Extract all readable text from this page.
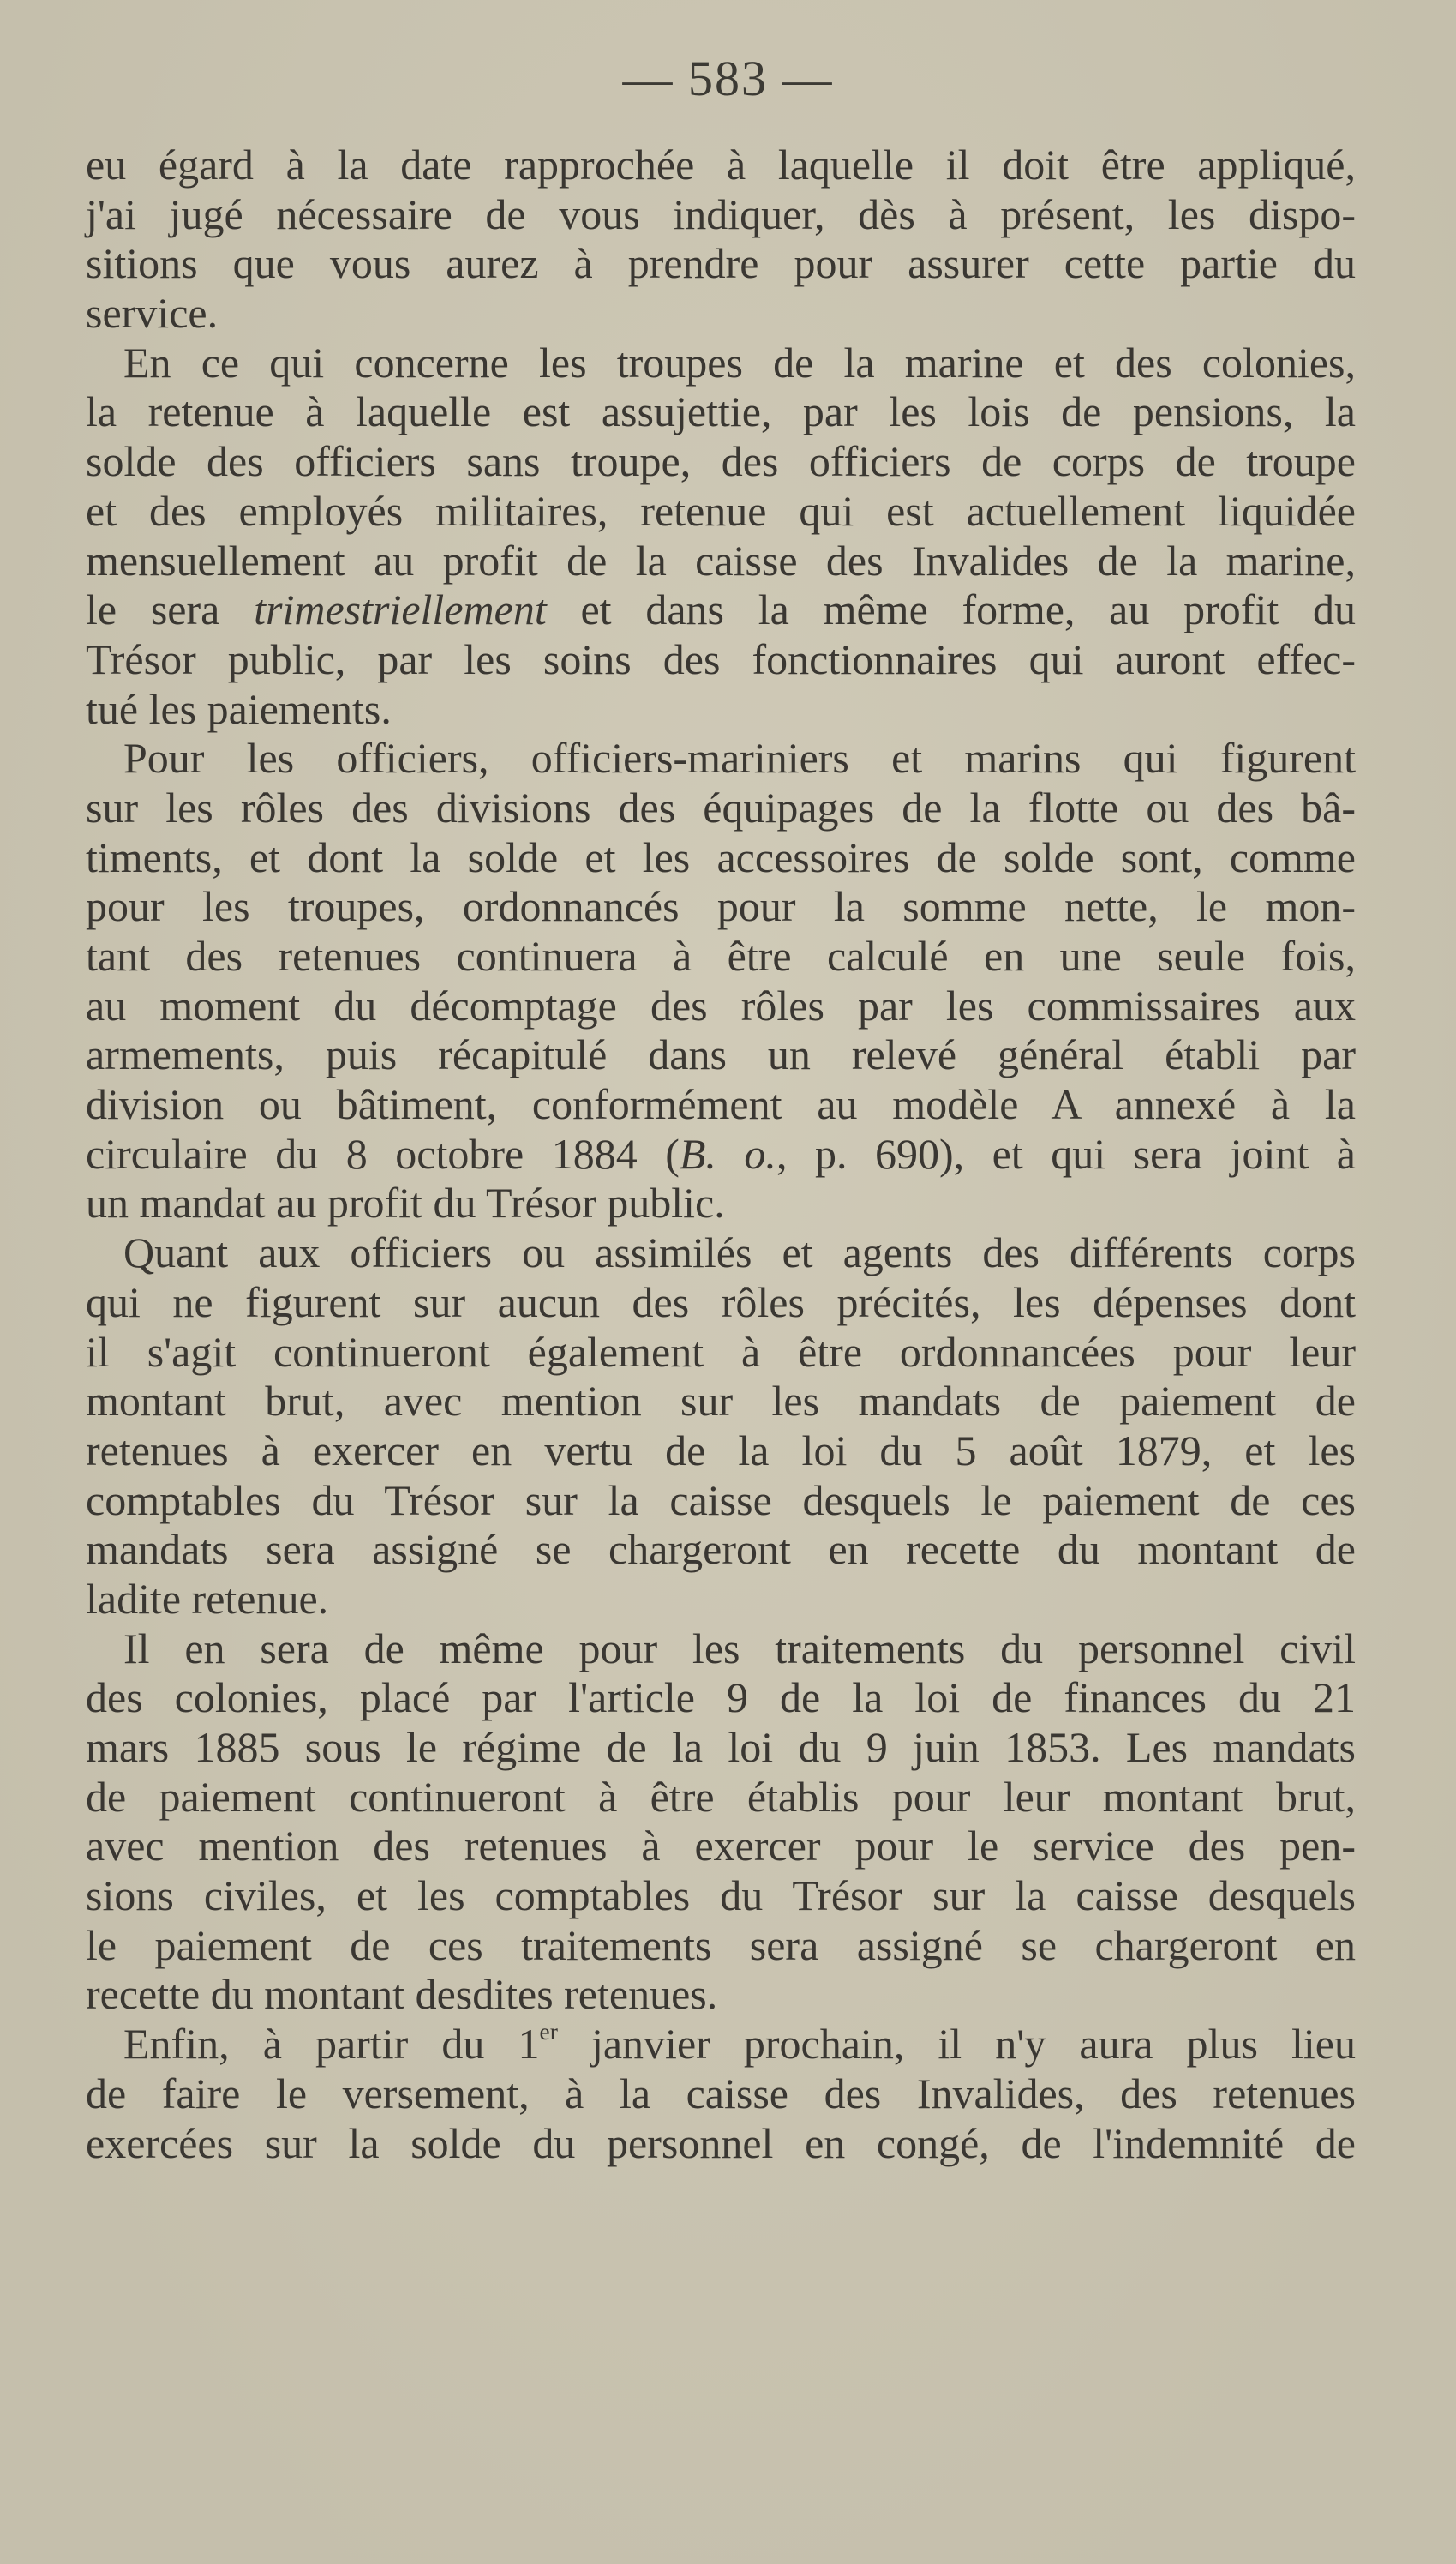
— 583 —
eu égard à la date rapprochée à laquelle il doit être appliqué,
j'ai jugé nécessaire de vous indiquer, dès à présent, les dispo-
sitions que vous aurez à prendre pour assurer cette partie du
service.
En ce qui concerne les troupes de la marine et des colonies,
la retenue à laquelle est assujettie, par les lois de pensions, la
solde des officiers sans troupe, des officiers de corps de troupe
et des employés militaires, retenue qui est actuellement liquidée
mensuellement au profit de la caisse des Invalides de la marine,
le sera trimestriellement et dans la même forme, au profit du
Trésor public, par les soins des fonctionnaires qui auront effec-
tué les paiements.
Pour les officiers, officiers-mariniers et marins qui figurent
sur les rôles des divisions des équipages de la flotte ou des bâ-
timents, et dont la solde et les accessoires de solde sont, comme
pour les troupes, ordonnancés pour la somme nette, le mon-
tant des retenues continuera à être calculé en une seule fois,
au moment du décomptage des rôles par les commissaires aux
armements, puis récapitulé dans un relevé général établi par
division ou bâtiment, conformément au modèle A annexé à la
circulaire du 8 octobre 1884 (B. o., p. 690), et qui sera joint à
un mandat au profit du Trésor public.
Quant aux officiers ou assimilés et agents des différents corps
qui ne figurent sur aucun des rôles précités, les dépenses dont
il s'agit continueront également à être ordonnancées pour leur
montant brut, avec mention sur les mandats de paiement de
retenues à exercer en vertu de la loi du 5 août 1879, et les
comptables du Trésor sur la caisse desquels le paiement de ces
mandats sera assigné se chargeront en recette du montant de
ladite retenue.
Il en sera de même pour les traitements du personnel civil
des colonies, placé par l'article 9 de la loi de finances du 21
mars 1885 sous le régime de la loi du 9 juin 1853. Les mandats
de paiement continueront à être établis pour leur montant brut,
avec mention des retenues à exercer pour le service des pen-
sions civiles, et les comptables du Trésor sur la caisse desquels
le paiement de ces traitements sera assigné se chargeront en
recette du montant desdites retenues.
Enfin, à partir du 1er janvier prochain, il n'y aura plus lieu
de faire le versement, à la caisse des Invalides, des retenues
exercées sur la solde du personnel en congé, de l'indemnité de
